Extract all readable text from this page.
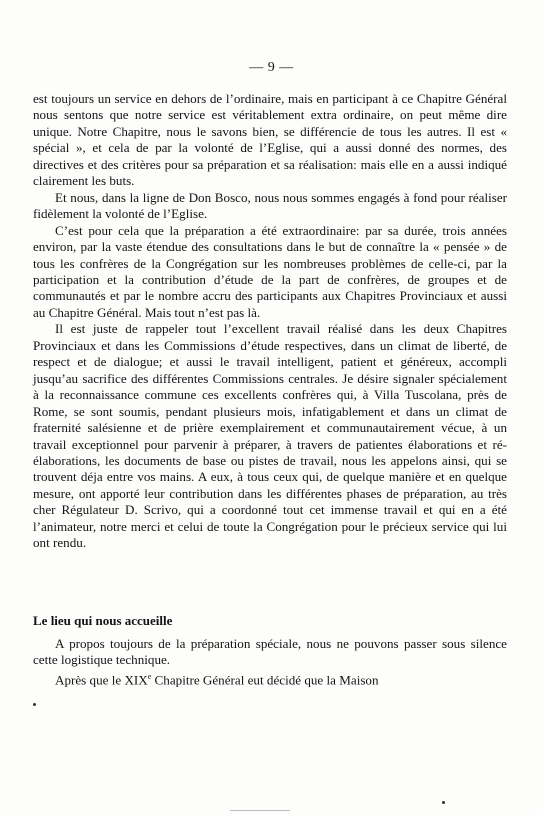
— 9 —

est toujours un service en dehors de l’ordinaire, mais en participant à ce Chapitre Général nous sentons que notre service est véritablement extra ordinaire, on peut même dire unique. Notre Chapitre, nous le savons bien, se différencie de tous les autres. Il est « spécial », et cela de par la volonté de l’Eglise, qui a aussi donné des normes, des directives et des critères pour sa préparation et sa réalisation: mais elle en a aussi indiqué clairement les buts.

Et nous, dans la ligne de Don Bosco, nous nous sommes engagés à fond pour réaliser fidèlement la volonté de l’Eglise.

C’est pour cela que la préparation a été extraordinaire: par sa durée, trois années environ, par la vaste étendue des consultations dans le but de connaître la « pensée » de tous les confrères de la Congrégation sur les nombreuses problèmes de celle-ci, par la participation et la contribution d’étude de la part de confrères, de groupes et de communautés et par le nombre accru des participants aux Chapitres Provinciaux et aussi au Chapitre Général. Mais tout n’est pas là.

Il est juste de rappeler tout l’excellent travail réalisé dans les deux Chapitres Provinciaux et dans les Commissions d’étude respectives, dans un climat de liberté, de respect et de dialogue; et aussi le travail intelligent, patient et généreux, accompli jusqu’au sacrifice des différentes Commissions centrales. Je désire signaler spécialement à la reconnaissance commune ces excellents confrères qui, à Villa Tuscolana, près de Rome, se sont soumis, pendant plusieurs mois, infatigablement et dans un climat de fraternité salésienne et de prière exemplairement et communautairement vécue, à un travail exceptionnel pour parvenir à préparer, à travers de patientes élaborations et ré-élaborations, les documents de base ou pistes de travail, nous les appelons ainsi, qui se trouvent déja entre vos mains. A eux, à tous ceux qui, de quelque manière et en quelque mesure, ont apporté leur contribution dans les différentes phases de préparation, au très cher Régulateur D. Scrivo, qui a coordonné tout cet immense travail et qui en a été l’animateur, notre merci et celui de toute la Congrégation pour le précieux service qui lui ont rendu.

Le lieu qui nous accueille

A propos toujours de la préparation spéciale, nous ne pouvons passer sous silence cette logistique technique.

Après que le XIXe Chapitre Général eut décidé que la Maison
